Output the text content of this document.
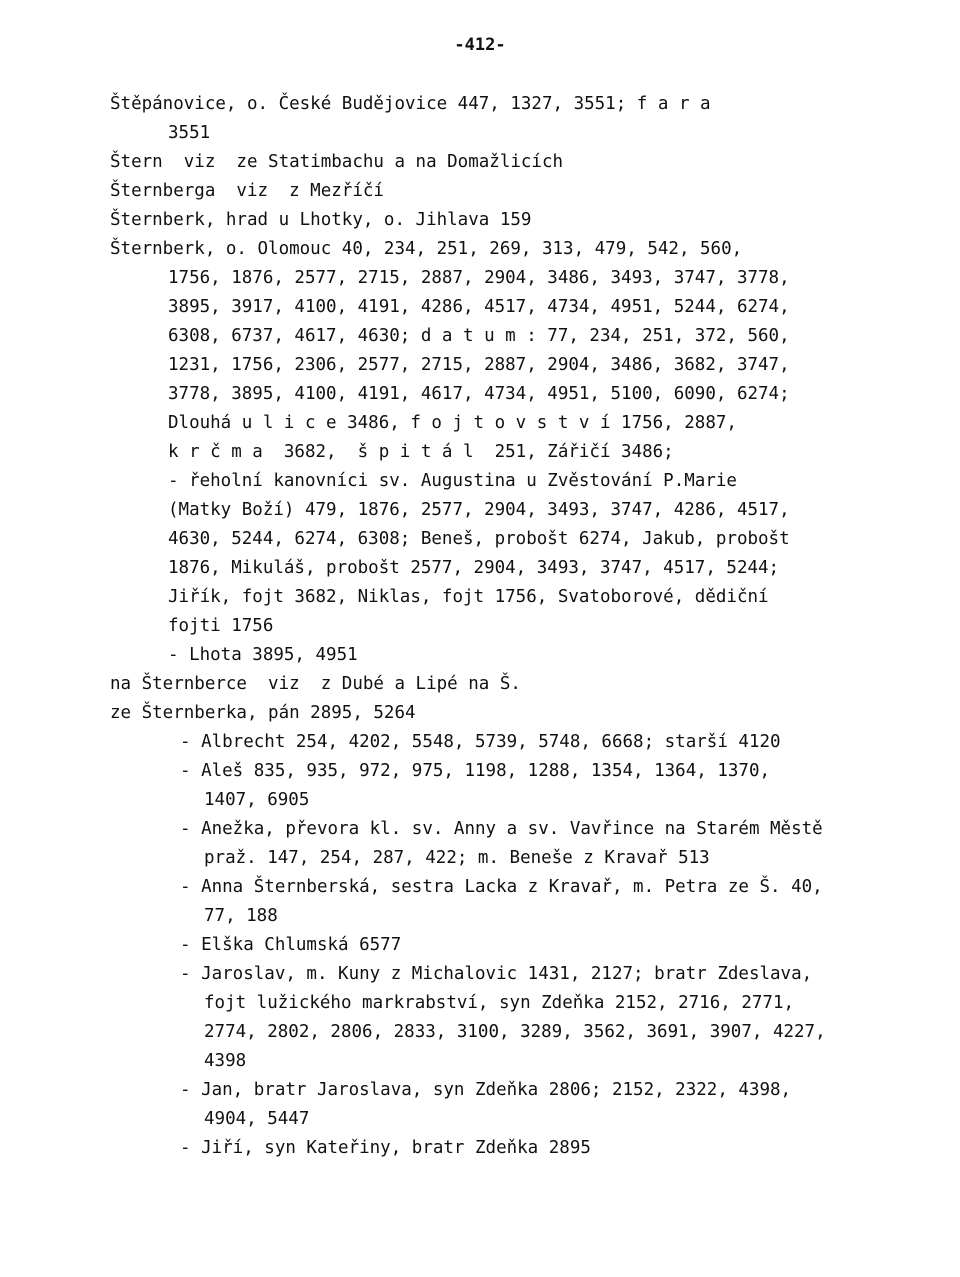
-412-
Štěpánovice, o. České Budějovice 447, 1327, 3551; f a r a
3551
Štern  viz  ze Statimbachu a na Domažlicích
Šternberga  viz  z Mezříčí
Šternberk, hrad u Lhotky, o. Jihlava 159
Šternberk, o. Olomouc 40, 234, 251, 269, 313, 479, 542, 560,
1756, 1876, 2577, 2715, 2887, 2904, 3486, 3493, 3747, 3778,
3895, 3917, 4100, 4191, 4286, 4517, 4734, 4951, 5244, 6274,
6308, 6737, 4617, 4630; d a t u m : 77, 234, 251, 372, 560,
1231, 1756, 2306, 2577, 2715, 2887, 2904, 3486, 3682, 3747,
3778, 3895, 4100, 4191, 4617, 4734, 4951, 5100, 6090, 6274;
Dlouhá u l i c e 3486, f o j t o v s t v í 1756, 2887,
k r č m a  3682,  š p i t á l  251, Zářičí 3486;
- řeholní kanovníci sv. Augustina u Zvěstování P.Marie
(Matky Boží) 479, 1876, 2577, 2904, 3493, 3747, 4286, 4517,
4630, 5244, 6274, 6308; Beneš, probošt 6274, Jakub, probošt
1876, Mikuláš, probošt 2577, 2904, 3493, 3747, 4517, 5244;
Jiřík, fojt 3682, Niklas, fojt 1756, Svatoborové, dědiční
fojti 1756
- Lhota 3895, 4951
na Šternberce  viz  z Dubé a Lipé na Š.
ze Šternberka, pán 2895, 5264
- Albrecht 254, 4202, 5548, 5739, 5748, 6668; starší 4120
- Aleš 835, 935, 972, 975, 1198, 1288, 1354, 1364, 1370,
1407, 6905
- Anežka, převora kl. sv. Anny a sv. Vavřince na Starém Městě
praž. 147, 254, 287, 422; m. Beneše z Kravař 513
- Anna Šternberská, sestra Lacka z Kravař, m. Petra ze Š. 40,
77, 188
- Elška Chlumská 6577
- Jaroslav, m. Kuny z Michalovic 1431, 2127; bratr Zdeslava,
fojt lužického markrabství, syn Zdeňka 2152, 2716, 2771,
2774, 2802, 2806, 2833, 3100, 3289, 3562, 3691, 3907, 4227,
4398
- Jan, bratr Jaroslava, syn Zdeňka 2806; 2152, 2322, 4398,
4904, 5447
- Jiří, syn Kateřiny, bratr Zdeňka 2895
